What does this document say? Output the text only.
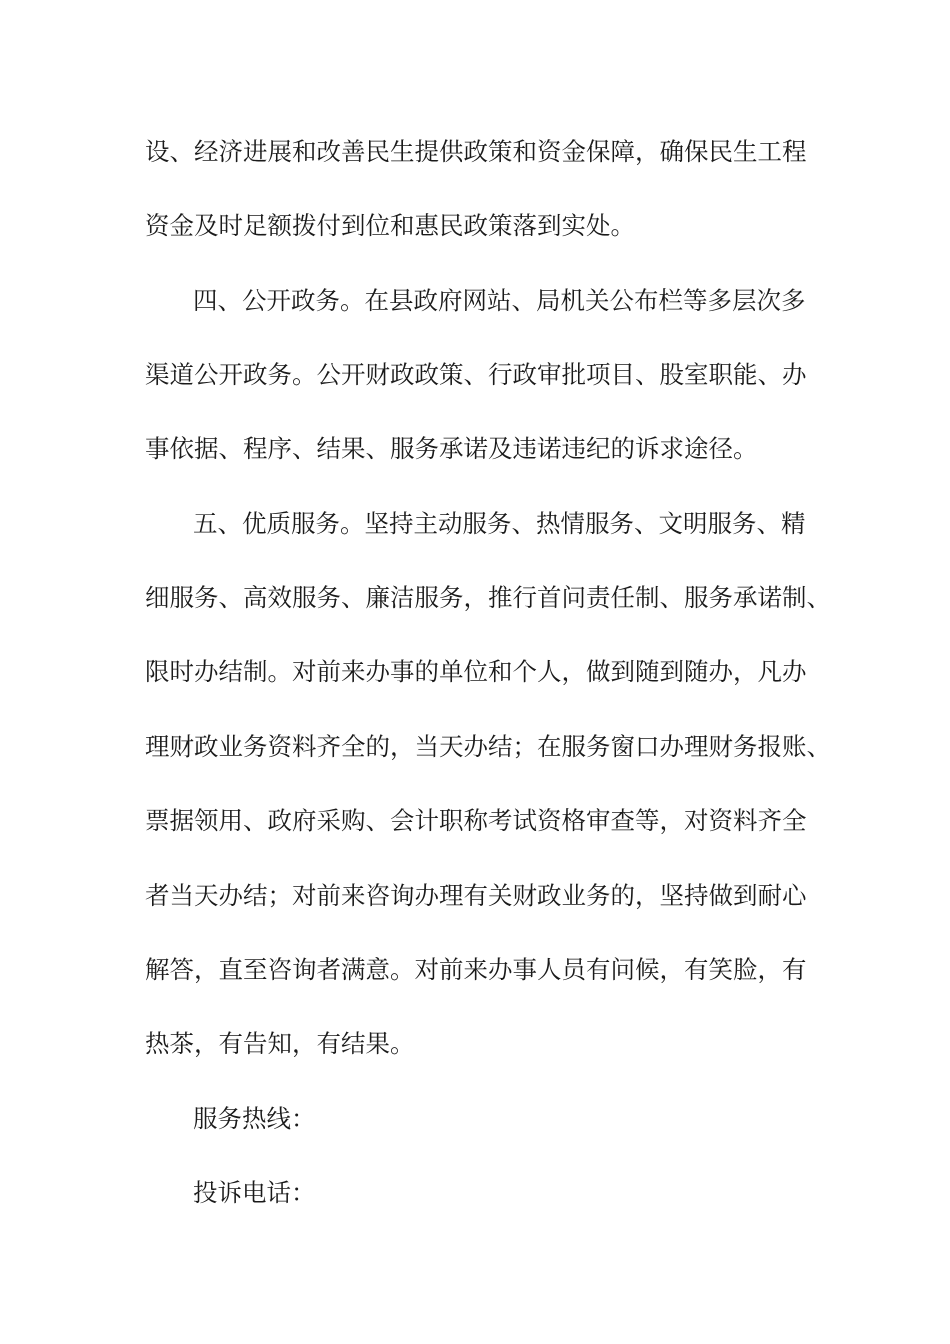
设、经济进展和改善民生提供政策和资金保障，确保民生工程
资金及时足额拨付到位和惠民政策落到实处。
四、公开政务。在县政府网站、局机关公布栏等多层次多
渠道公开政务。公开财政政策、行政审批项目、股室职能、办
事依据、程序、结果、服务承诺及违诺违纪的诉求途径。
五、优质服务。坚持主动服务、热情服务、文明服务、精
细服务、高效服务、廉洁服务，推行首问责任制、服务承诺制、
限时办结制。对前来办事的单位和个人，做到随到随办，凡办
理财政业务资料齐全的，当天办结；在服务窗口办理财务报账、
票据领用、政府采购、会计职称考试资格审查等，对资料齐全
者当天办结；对前来咨询办理有关财政业务的，坚持做到耐心
解答，直至咨询者满意。对前来办事人员有问候，有笑脸，有
热茶，有告知，有结果。
服务热线：
投诉电话：
